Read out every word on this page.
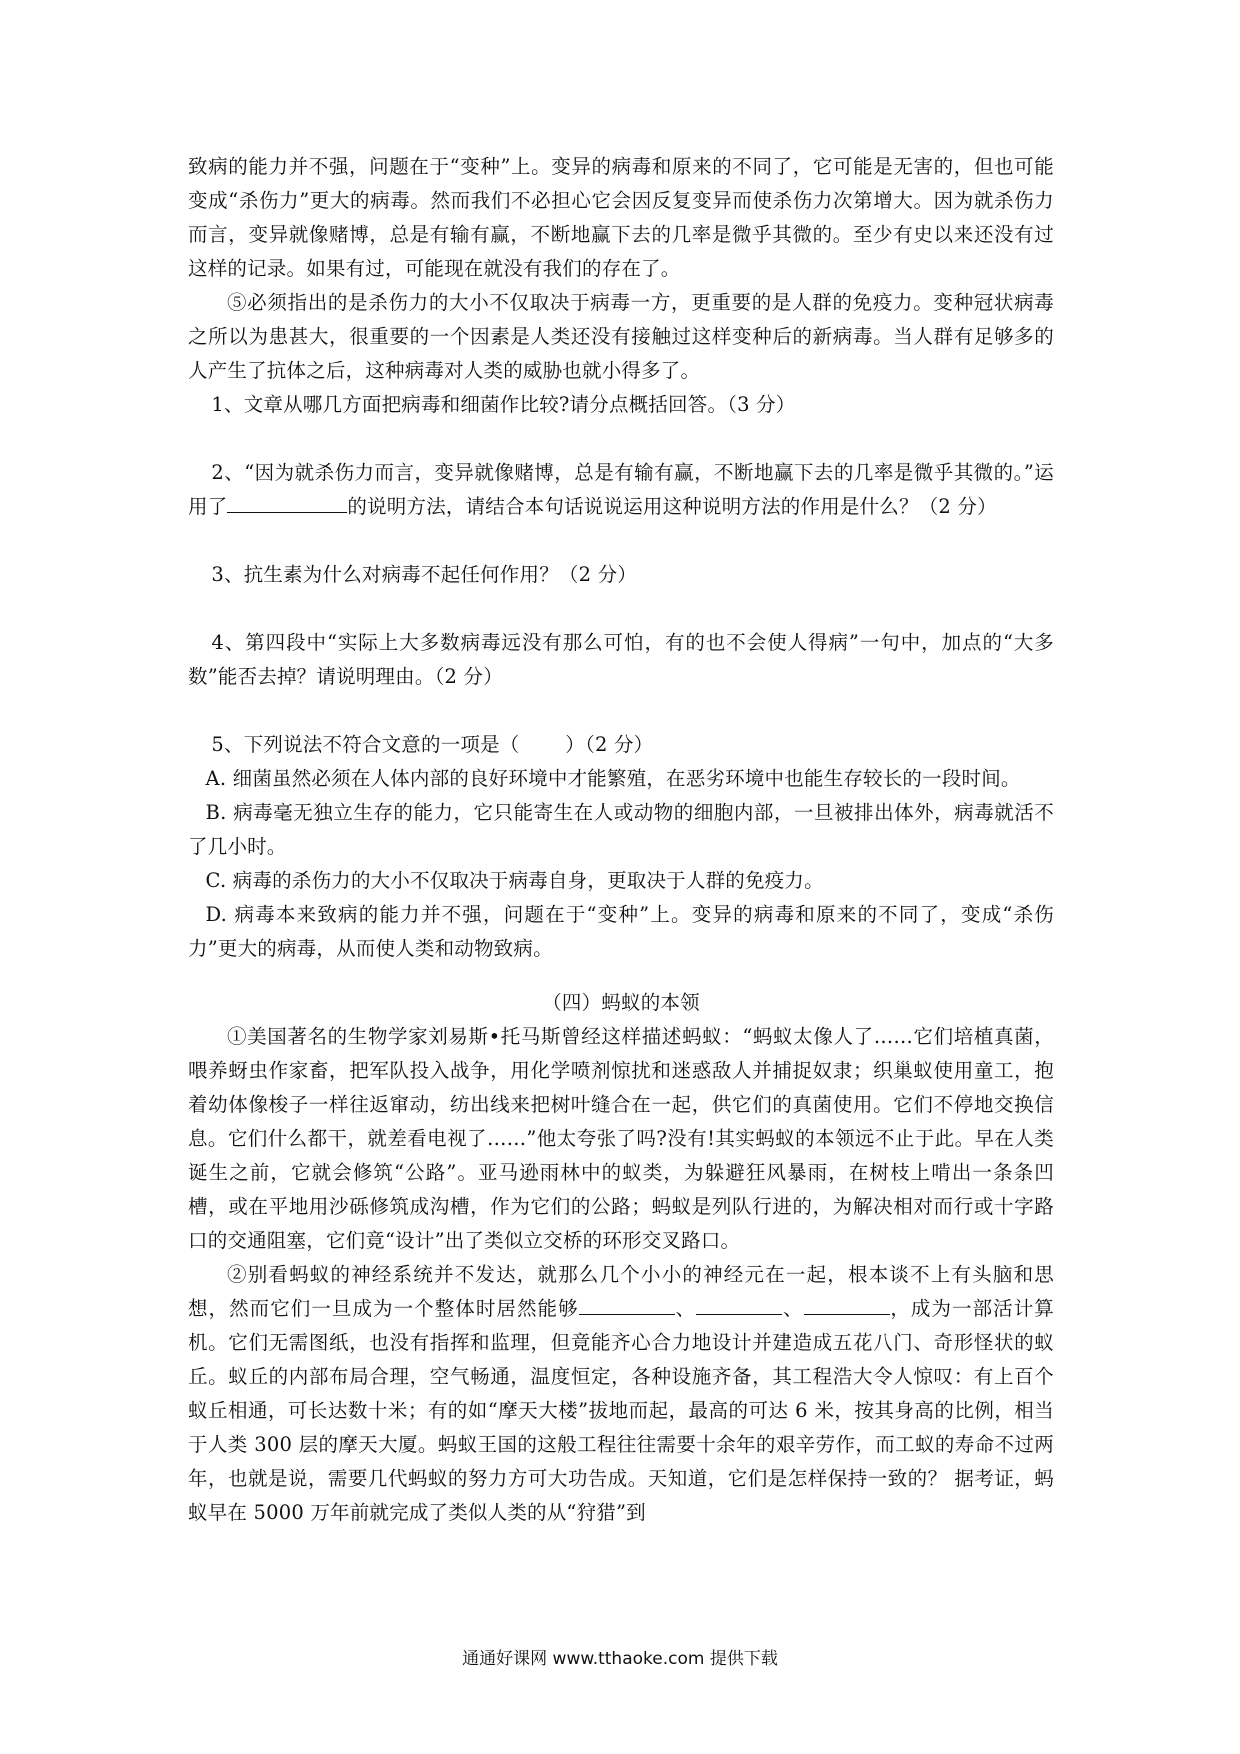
致病的能力并不强，问题在于“变种”上。变异的病毒和原来的不同了，它可能是无害的，但也可能变成“杀伤力”更大的病毒。然而我们不必担心它会因反复变异而使杀伤力次第增大。因为就杀伤力而言，变异就像赌博，总是有输有赢，不断地赢下去的几率是微乎其微的。至少有史以来还没有过这样的记录。如果有过，可能现在就没有我们的存在了。

⑤必须指出的是杀伤力的大小不仅取决于病毒一方，更重要的是人群的免疫力。变种冠状病毒之所以为患甚大，很重要的一个因素是人类还没有接触过这样变种后的新病毒。当人群有足够多的人产生了抗体之后，这种病毒对人类的威胁也就小得多了。

1、文章从哪几方面把病毒和细菌作比较?请分点概括回答。（3 分）

2、“因为就杀伤力而言，变异就像赌博，总是有输有赢，不断地赢下去的几率是微乎其微的。”运用了	的说明方法，请结合本句话说说运用这种说明方法的作用是什么？（2 分）

3、抗生素为什么对病毒不起任何作用？（2 分）

4、第四段中“实际上大多数病毒远没有那么可怕，有的也不会使人得病”一句中，加点的“大多数”能否去掉？请说明理由。（2 分）

5、下列说法不符合文意的一项是（　　 ）（2 分）

A. 细菌虽然必须在人体内部的良好环境中才能繁殖，在恶劣环境中也能生存较长的一段时间。

B. 病毒毫无独立生存的能力，它只能寄生在人或动物的细胞内部，一旦被排出体外，病毒就活不了几小时。

C. 病毒的杀伤力的大小不仅取决于病毒自身，更取决于人群的免疫力。

D. 病毒本来致病的能力并不强，问题在于“变种”上。变异的病毒和原来的不同了，变成“杀伤力”更大的病毒，从而使人类和动物致病。

（四）蚂蚁的本领

①美国著名的生物学家刘易斯•托马斯曾经这样描述蚂蚁：“蚂蚁太像人了……它们培植真菌，喂养蚜虫作家畜，把军队投入战争，用化学喷剂惊扰和迷惑敌人并捕捉奴隶；织巢蚁使用童工，抱着幼体像梭子一样往返窜动，纺出线来把树叶缝合在一起，供它们的真菌使用。它们不停地交换信息。它们什么都干，就差看电视了……”他太夸张了吗?没有!其实蚂蚁的本领远不止于此。早在人类诞生之前，它就会修筑“公路”。亚马逊雨林中的蚁类，为躲避狂风暴雨，在树枝上啃出一条条凹槽，或在平地用沙砾修筑成沟槽，作为它们的公路；蚂蚁是列队行进的，为解决相对而行或十字路口的交通阻塞，它们竟“设计”出了类似立交桥的环形交叉路口。

②别看蚂蚁的神经系统并不发达，就那么几个小小的神经元在一起，根本谈不上有头脑和思想，然而它们一旦成为一个整体时居然能够	、	、	，成为一部活计算机。它们无需图纸，也没有指挥和监理，但竟能齐心合力地设计并建造成五花八门、奇形怪状的蚁丘。蚁丘的内部布局合理，空气畅通，温度恒定，各种设施齐备，其工程浩大令人惊叹：有上百个蚁丘相通，可长达数十米；有的如“摩天大楼”拔地而起，最高的可达 6 米，按其身高的比例，相当于人类 300 层的摩天大厦。蚂蚁王国的这般工程往往需要十余年的艰辛劳作，而工蚁的寿命不过两年，也就是说，需要几代蚂蚁的努力方可大功告成。天知道，它们是怎样保持一致的？ 据考证，蚂蚁早在 5000 万年前就完成了类似人类的从“狩猎”到

通通好课网 www.tthaoke.com 提供下载
